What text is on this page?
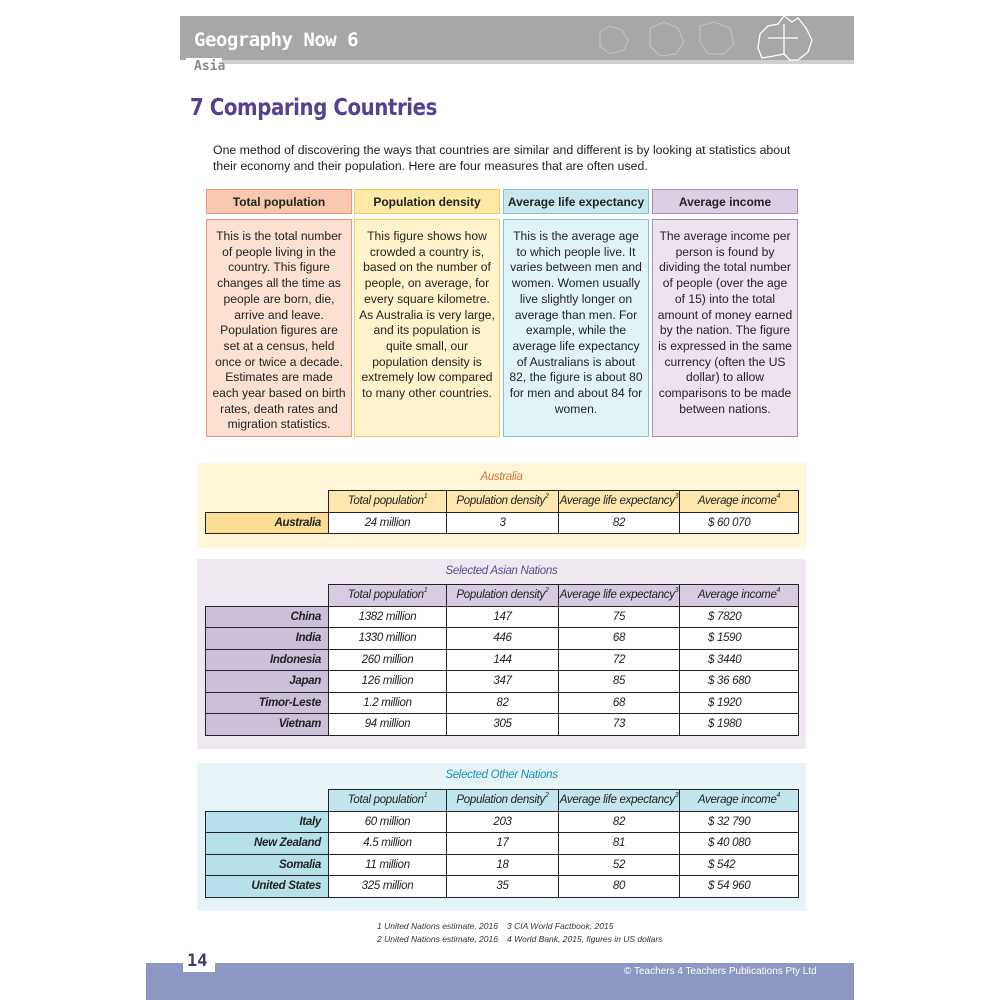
Geography Now 6
Asia
7 Comparing Countries
One method of discovering the ways that countries are similar and different is by looking at statistics about their economy and their population. Here are four measures that are often used.
Total population
This is the total number of people living in the country. This figure changes all the time as people are born, die, arrive and leave. Population figures are set at a census, held once or twice a decade. Estimates are made each year based on birth rates, death rates and migration statistics.
Population density
This figure shows how crowded a country is, based on the number of people, on average, for every square kilometre. As Australia is very large, and its population is quite small, our population density is extremely low compared to many other countries.
Average life expectancy
This is the average age to which people live. It varies between men and women. Women usually live slightly longer on average than men. For example, while the average life expectancy of Australians is about 82, the figure is about 80 for men and about 84 for women.
Average income
The average income per person is found by dividing the total number of people (over the age of 15) into the total amount of money earned by the nation. The figure is expressed in the same currency (often the US dollar) to allow comparisons to be made between nations.
Australia
	Total population$^1$	Population density$^2$	Average life expectancy$^3$	Average income$^4$
Australia	24 million	3	82	$ 60 070
Selected Asian Nations
	Total population$^1$	Population density$^2$	Average life expectancy$^3$	Average income$^4$
China	1382 million	147	75	$ 7820
India	1330 million	446	68	$ 1590
Indonesia	260 million	144	72	$ 3440
Japan	126 million	347	85	$ 36 680
Timor-Leste	1.2 million	82	68	$ 1920
Vietnam	94 million	305	73	$ 1980
Selected Other Nations
	Total population$^1$	Population density$^2$	Average life expectancy$^3$	Average income$^4$
Italy	60 million	203	82	$ 32 790
New Zealand	4.5 million	17	81	$ 40 080
Somalia	11 million	18	52	$ 542
United States	325 million	35	80	$ 54 960
1 United Nations estimate, 2016
2 United Nations estimate, 2016
3 CIA World Factbook, 2015
4 World Bank, 2015, figures in US dollars
14
© Teachers 4 Teachers Publications Pty Ltd
